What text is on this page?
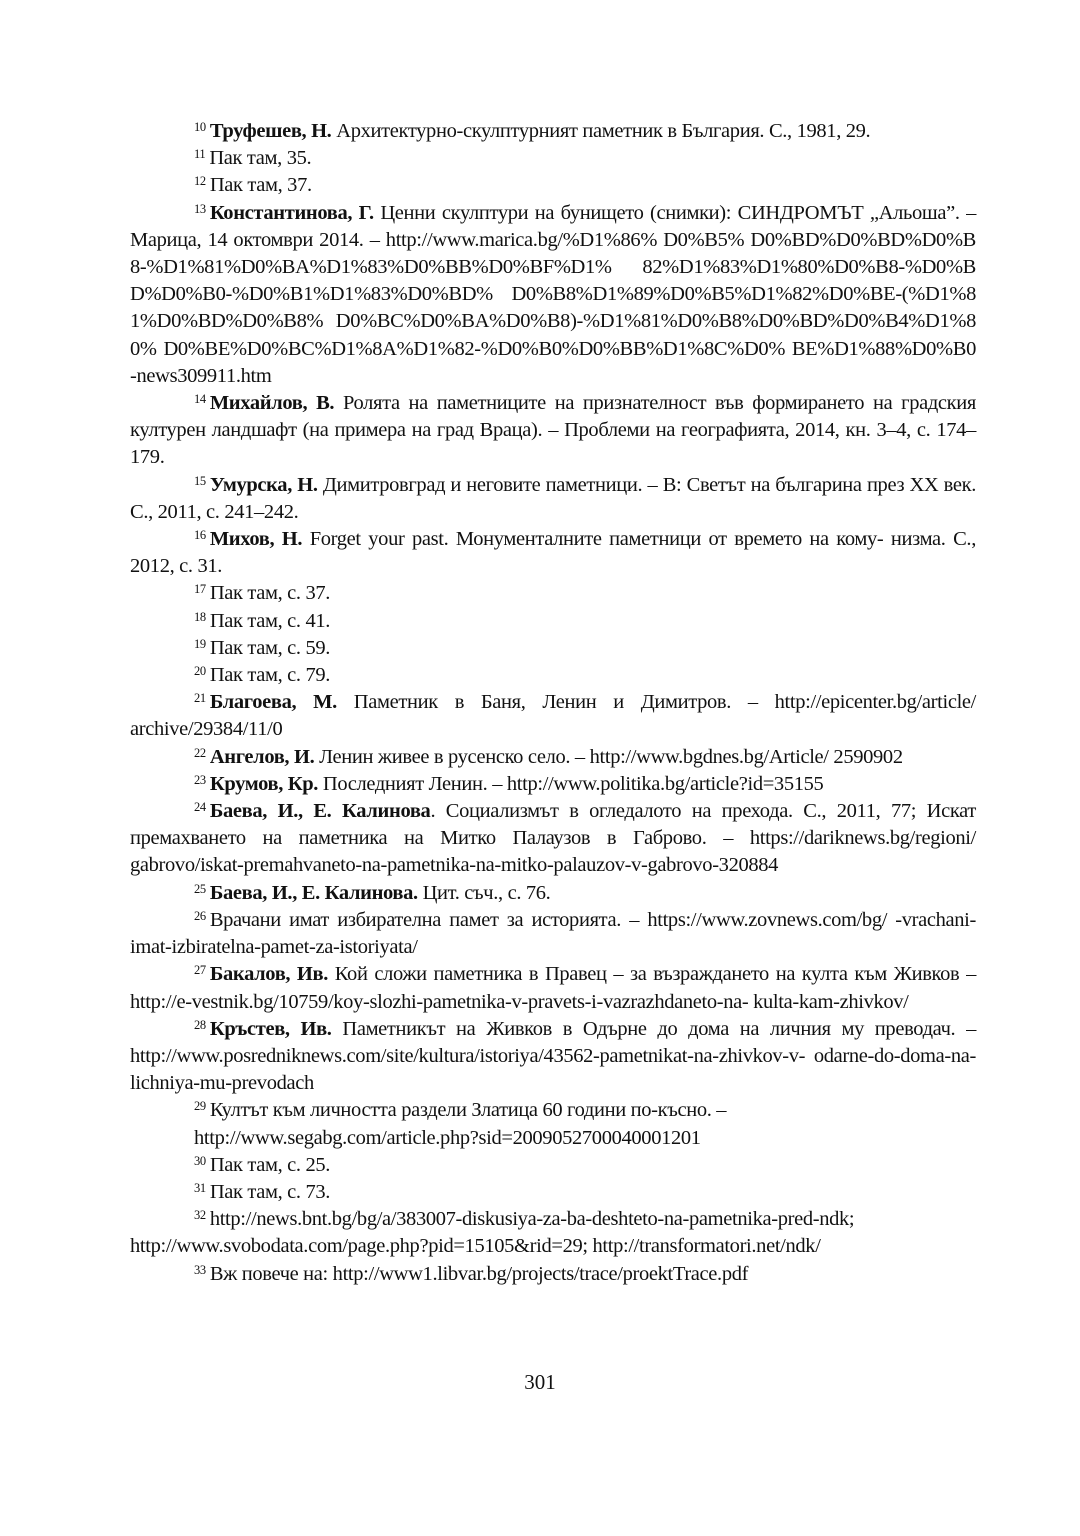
$^{10}$ Труфешев, Н. Архитектурно-скулптурният паметник в България. С., 1981, 29.

$^{11}$ Пак там, 35.

$^{12}$ Пак там, 37.

$^{13}$ Константинова, Г. Ценни скулптури на бунището (снимки): СИНДРОМЪТ „Альоша”. – Марица, 14 октомври 2014. – http://www.marica.bg/%D1%86% D0%B5% D0%BD%D0%BD%D0%B8-%D1%81%D0%BA%D1%83%D0%BB%D0%BF%D1% 82%D1%83%D1%80%D0%B8-%D0%BD%D0%B0-%D0%B1%D1%83%D0%BD% D0%B8%D1%89%D0%B5%D1%82%D0%BE-(%D1%81%D0%BD%D0%B8% D0%BC%D0%BA%D0%B8)-%D1%81%D0%B8%D0%BD%D0%B4%D1%80% D0%BE%D0%BC%D1%8A%D1%82-%D0%B0%D0%BB%D1%8C%D0% BE%D1%88%D0%B0-news309911.htm

$^{14}$ Михайлов, В. Ролята на паметниците на признателност във формирането на градския културен ландшафт (на примера на град Враца). – Проблеми на географията, 2014, кн. 3–4, с. 174–179.

$^{15}$ Умурска, Н. Димитровград и неговите паметници. – В: Светът на българина през XX век. С., 2011, с. 241–242.

$^{16}$ Михов, Н. Forget your past. Монументалните паметници от времето на кому- низма. С., 2012, с. 31.

$^{17}$ Пак там, с. 37.

$^{18}$ Пак там, с. 41.

$^{19}$ Пак там, с. 59.

$^{20}$ Пак там, с. 79.

$^{21}$ Благоева, М. Паметник в Баня, Ленин и Димитров. – http://epicenter.bg/article/ archive/29384/11/0

$^{22}$ Ангелов, И. Ленин живее в русенско село. – http://www.bgdnes.bg/Article/ 2590902

$^{23}$ Крумов, Кр. Последният Ленин. – http://www.politika.bg/article?id=35155

$^{24}$ Баева, И., Е. Калинова. Социализмът в огледалото на прехода. С., 2011, 77; Искат премахването на паметника на Митко Палаузов в Габрово. – https://dariknews.bg/regioni/ gabrovo/iskat-premahvaneto-na-pametnika-na-mitko-palauzov-v-gabrovo-320884

$^{25}$ Баева, И., Е. Калинова. Цит. съч., с. 76.

$^{26}$ Врачани имат избирателна памет за историята. – https://www.zovnews.com/bg/ -vrachani-imat-izbiratelna-pamet-za-istoriyata/

$^{27}$ Бакалов, Ив. Кой сложи паметника в Правец – за възраждането на култа към Живков – http://e-vestnik.bg/10759/koy-slozhi-pametnika-v-pravets-i-vazrazhdaneto-na- kulta-kam-zhivkov/

$^{28}$ Кръстев, Ив. Паметникът на Живков в Одърне до дома на личния му преводач. – http://www.posredniknews.com/site/kultura/istoriya/43562-pametnikat-na-zhivkov-v- odarne-do-doma-na-lichniya-mu-prevodach

$^{29}$ Култът към личността раздели Златица 60 години по-късно. –
http://www.segabg.com/article.php?sid=2009052700040001201

$^{30}$ Пак там, с. 25.

$^{31}$ Пак там, с. 73.

$^{32}$ http://news.bnt.bg/bg/a/383007-diskusiya-za-ba-deshteto-na-pametnika-pred-ndk; http://www.svobodata.com/page.php?pid=15105&rid=29; http://transformatori.net/ndk/

$^{33}$ Вж повече на: http://www1.libvar.bg/projects/trace/proektTrace.pdf

301
